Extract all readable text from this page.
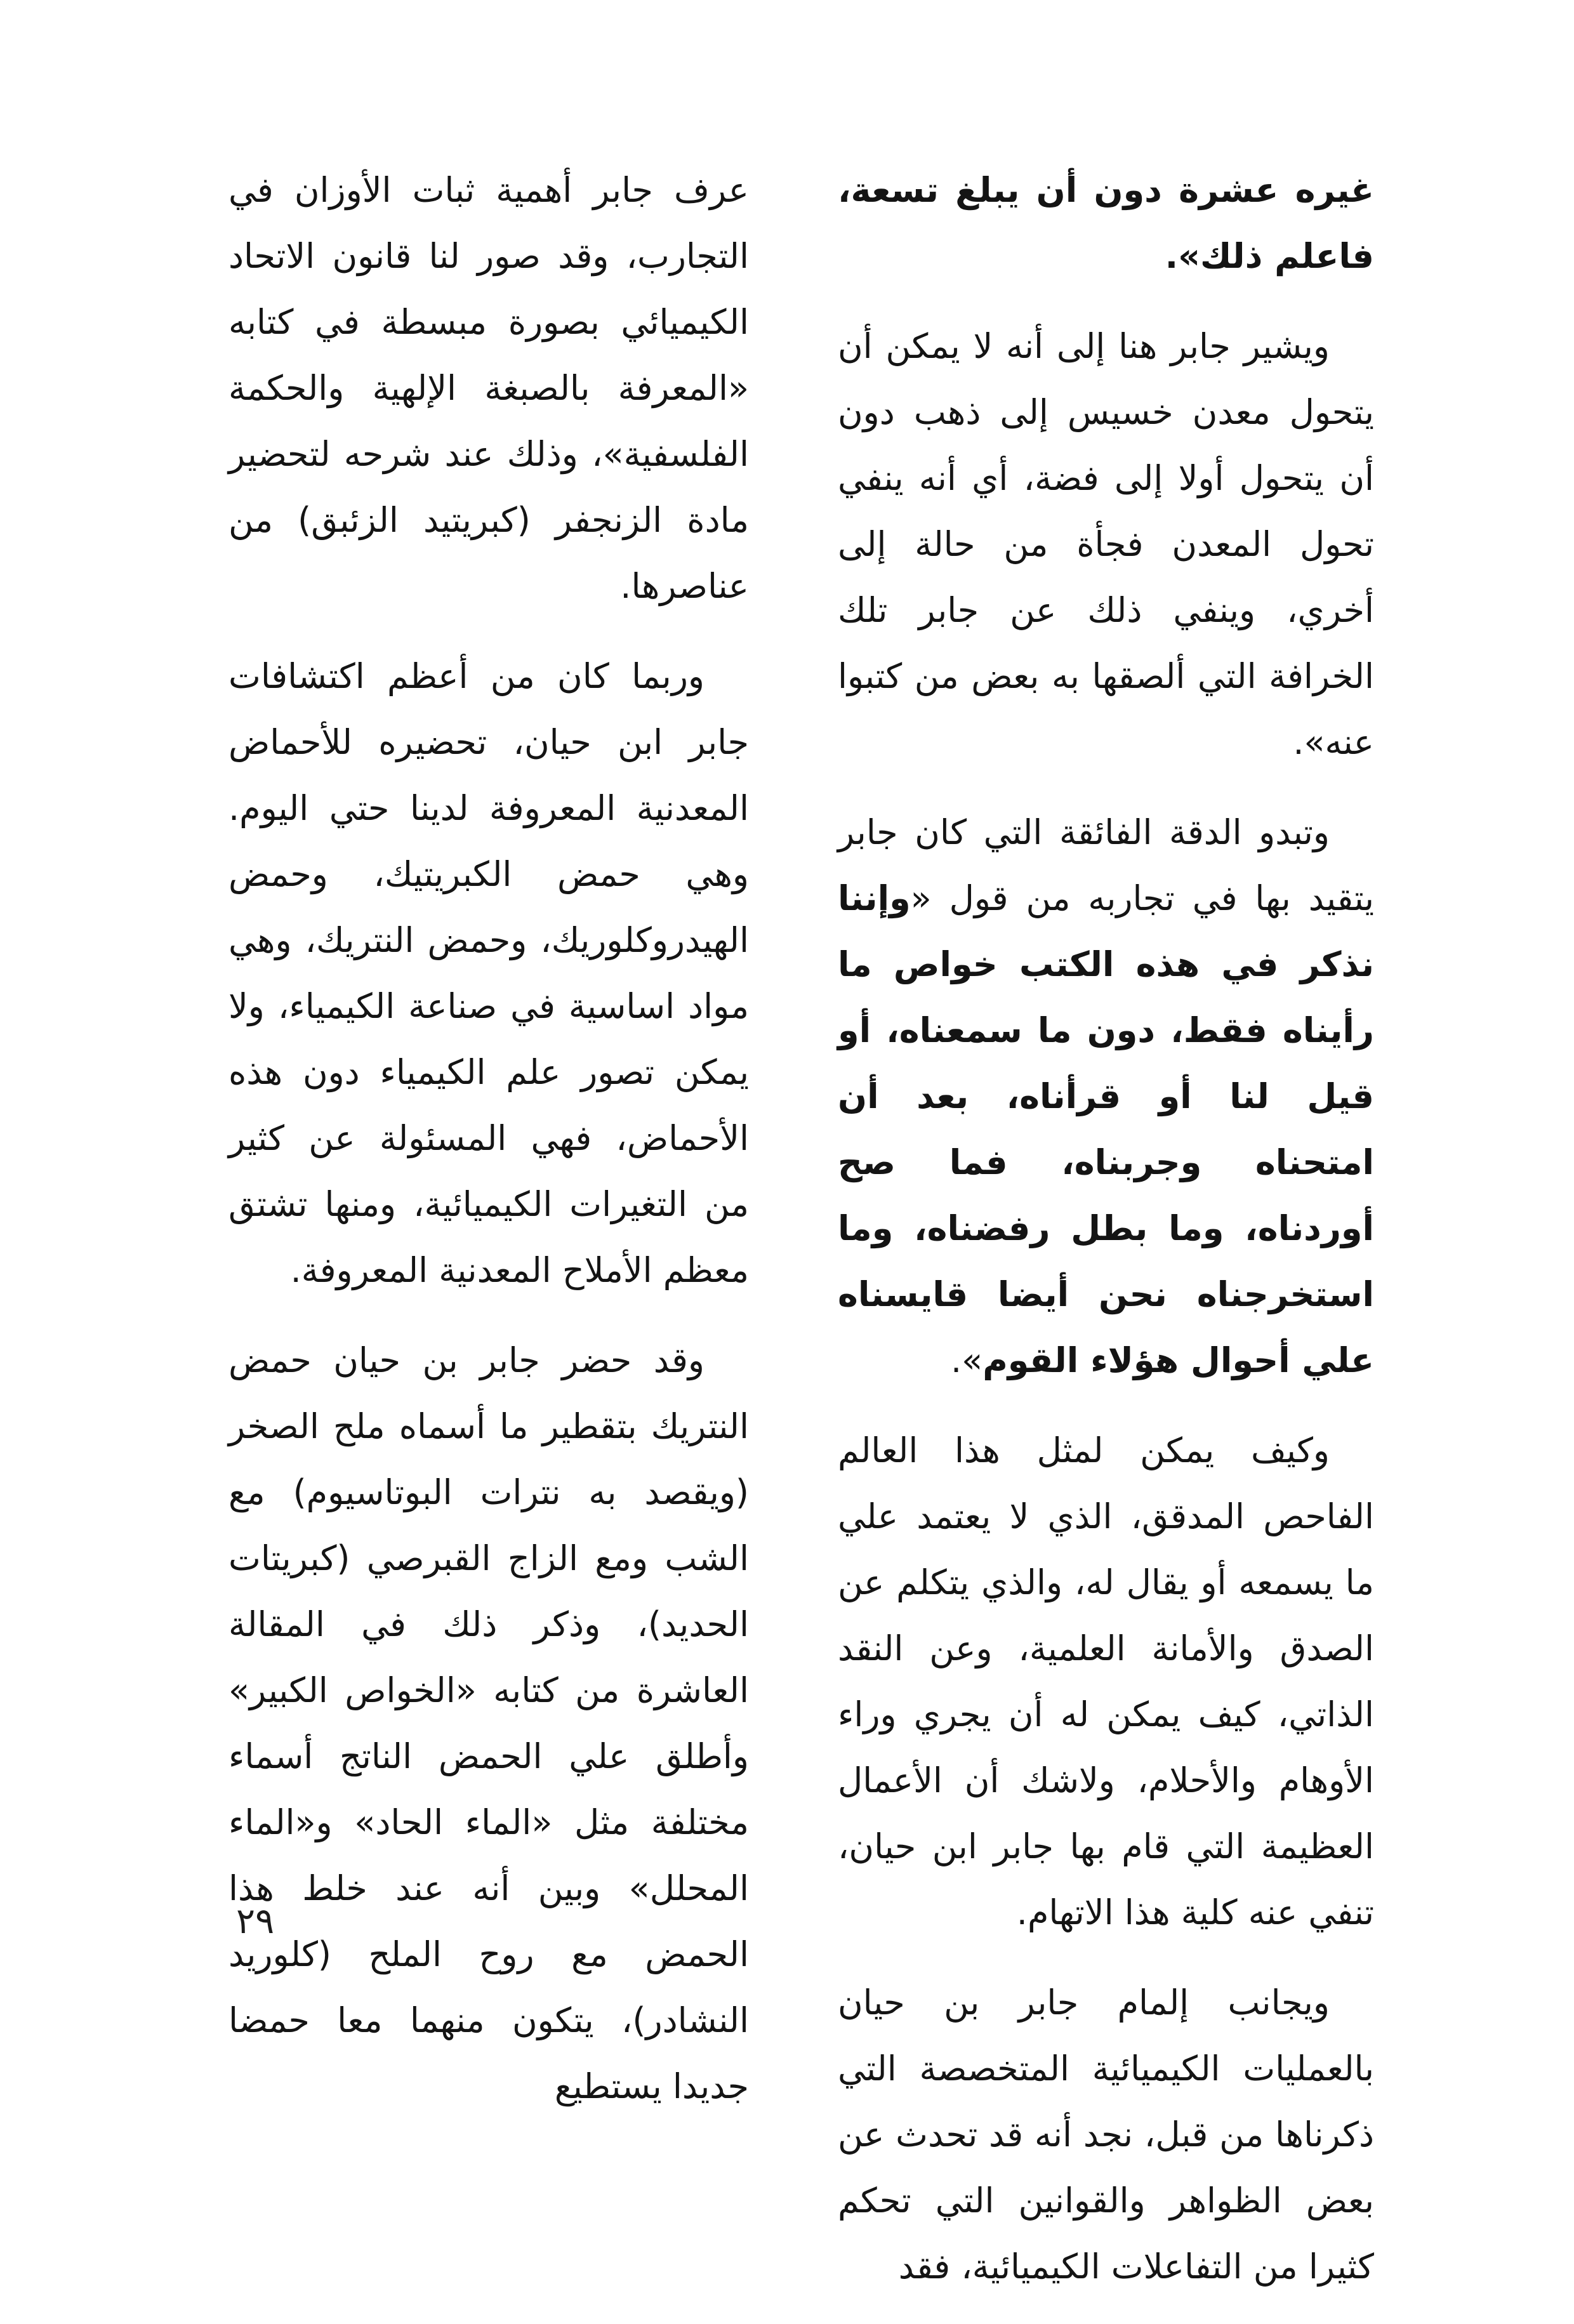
غيره عشرة دون أن يبلغ تسعة، فاعلم ذلك».

ويشير جابر هنا إلى أنه لا يمكن أن يتحول معدن خسيس إلى ذهب دون أن يتحول أولا إلى فضة، أي أنه ينفي تحول المعدن فجأة من حالة إلى أخري، وينفي ذلك عن جابر تلك الخرافة التي ألصقها به بعض من كتبوا عنه».

وتبدو الدقة الفائقة التي كان جابر يتقيد بها في تجاربه من قول «وإننا نذكر في هذه الكتب خواص ما رأيناه فقط، دون ما سمعناه، أو قيل لنا أو قرأناه، بعد أن امتحناه وجربناه، فما صح أوردناه، وما بطل رفضناه، وما استخرجناه نحن أيضا قايسناه علي أحوال هؤلاء القوم».

وكيف يمكن لمثل هذا العالم الفاحص المدقق، الذي لا يعتمد علي ما يسمعه أو يقال له، والذي يتكلم عن الصدق والأمانة العلمية، وعن النقد الذاتي، كيف يمكن له أن يجري وراء الأوهام والأحلام، ولاشك أن الأعمال العظيمة التي قام بها جابر ابن حيان، تنفي عنه كلية هذا الاتهام.

ويجانب إلمام جابر بن حيان بالعمليات الكيميائية المتخصصة التي ذكرناها من قبل، نجد أنه قد تحدث عن بعض الظواهر والقوانين التي تحكم كثيرا من التفاعلات الكيميائية، فقد

عرف جابر أهمية ثبات الأوزان في التجارب، وقد صور لنا قانون الاتحاد الكيميائي بصورة مبسطة في كتابه «المعرفة بالصبغة الإلهية والحكمة الفلسفية»، وذلك عند شرحه لتحضير مادة الزنجفر (كبريتيد الزئبق) من عناصرها.

وربما كان من أعظم اكتشافات جابر ابن حيان، تحضيره للأحماض المعدنية المعروفة لدينا حتي اليوم. وهي حمض الكبريتيك، وحمض الهيدروكلوريك، وحمض النتريك، وهي مواد اساسية في صناعة الكيمياء، ولا يمكن تصور علم الكيمياء دون هذه الأحماض، فهي المسئولة عن كثير من التغيرات الكيميائية، ومنها تشتق معظم الأملاح المعدنية المعروفة.

وقد حضر جابر بن حيان حمض النتريك بتقطير ما أسماه ملح الصخر (ويقصد به نترات البوتاسيوم) مع الشب ومع الزاج القبرصي (كبريتات الحديد)، وذكر ذلك في المقالة العاشرة من كتابه «الخواص الكبير» وأطلق علي الحمض الناتج أسماء مختلفة مثل «الماء الحاد» و«الماء المحلل» وبين أنه عند خلط هذا الحمض مع روح الملح (كلوريد النشادر)، يتكون منهما معا حمضا جديدا يستطيع

٢٩
